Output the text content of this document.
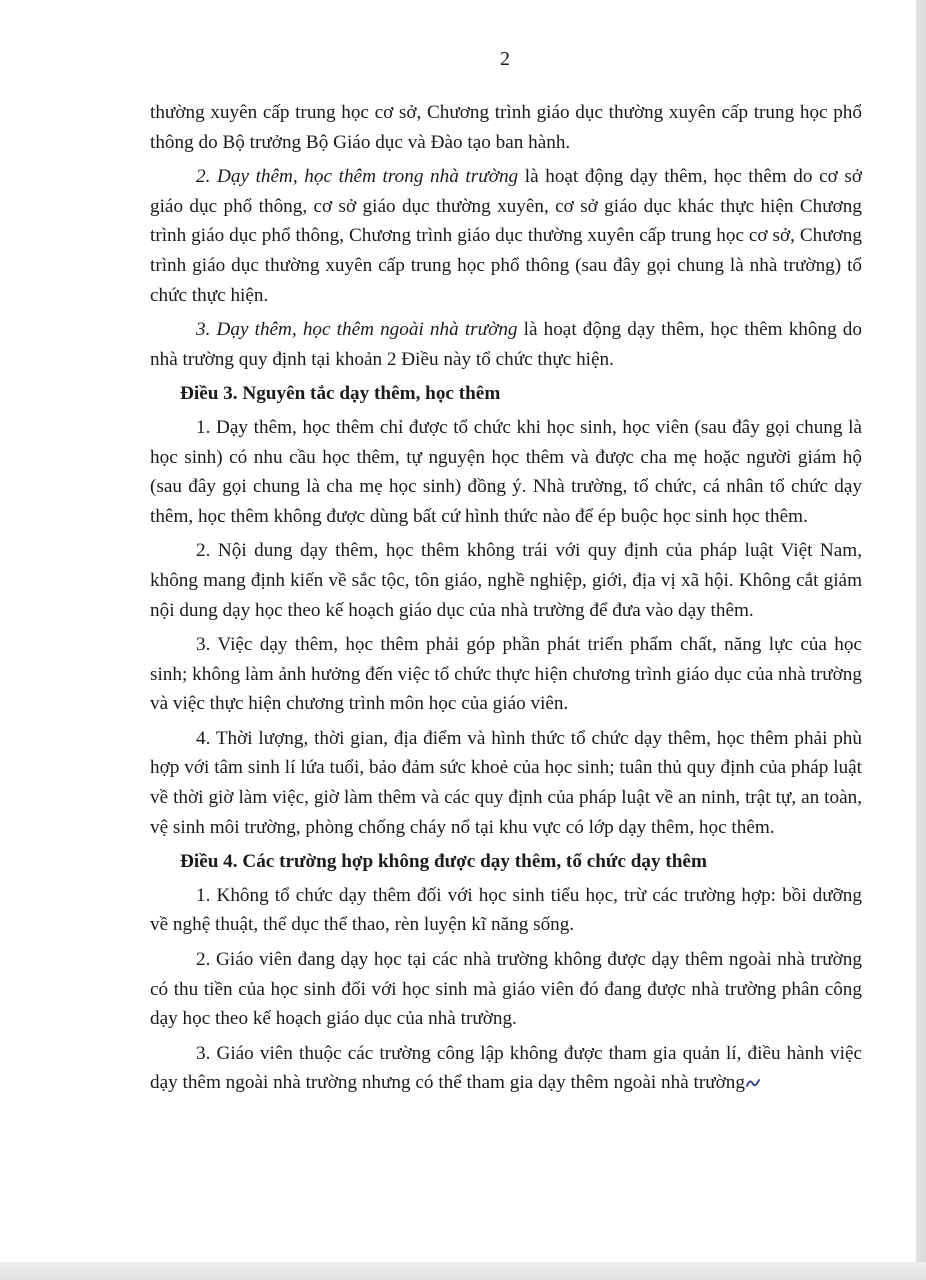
2

thường xuyên cấp trung học cơ sở, Chương trình giáo dục thường xuyên cấp trung học phổ thông do Bộ trưởng Bộ Giáo dục và Đào tạo ban hành.

2. Dạy thêm, học thêm trong nhà trường là hoạt động dạy thêm, học thêm do cơ sở giáo dục phổ thông, cơ sở giáo dục thường xuyên, cơ sở giáo dục khác thực hiện Chương trình giáo dục phổ thông, Chương trình giáo dục thường xuyên cấp trung học cơ sở, Chương trình giáo dục thường xuyên cấp trung học phổ thông (sau đây gọi chung là nhà trường) tổ chức thực hiện.

3. Dạy thêm, học thêm ngoài nhà trường là hoạt động dạy thêm, học thêm không do nhà trường quy định tại khoản 2 Điều này tổ chức thực hiện.

Điều 3. Nguyên tắc dạy thêm, học thêm

1. Dạy thêm, học thêm chỉ được tổ chức khi học sinh, học viên (sau đây gọi chung là học sinh) có nhu cầu học thêm, tự nguyện học thêm và được cha mẹ hoặc người giám hộ (sau đây gọi chung là cha mẹ học sinh) đồng ý. Nhà trường, tổ chức, cá nhân tổ chức dạy thêm, học thêm không được dùng bất cứ hình thức nào để ép buộc học sinh học thêm.

2. Nội dung dạy thêm, học thêm không trái với quy định của pháp luật Việt Nam, không mang định kiến về sắc tộc, tôn giáo, nghề nghiệp, giới, địa vị xã hội. Không cắt giảm nội dung dạy học theo kế hoạch giáo dục của nhà trường để đưa vào dạy thêm.

3. Việc dạy thêm, học thêm phải góp phần phát triển phẩm chất, năng lực của học sinh; không làm ảnh hưởng đến việc tổ chức thực hiện chương trình giáo dục của nhà trường và việc thực hiện chương trình môn học của giáo viên.

4. Thời lượng, thời gian, địa điểm và hình thức tổ chức dạy thêm, học thêm phải phù hợp với tâm sinh lí lứa tuổi, bảo đảm sức khoẻ của học sinh; tuân thủ quy định của pháp luật về thời giờ làm việc, giờ làm thêm và các quy định của pháp luật về an ninh, trật tự, an toàn, vệ sinh môi trường, phòng chống cháy nổ tại khu vực có lớp dạy thêm, học thêm.

Điều 4. Các trường hợp không được dạy thêm, tổ chức dạy thêm

1. Không tổ chức dạy thêm đối với học sinh tiểu học, trừ các trường hợp: bồi dưỡng về nghệ thuật, thể dục thể thao, rèn luyện kĩ năng sống.

2. Giáo viên đang dạy học tại các nhà trường không được dạy thêm ngoài nhà trường có thu tiền của học sinh đối với học sinh mà giáo viên đó đang được nhà trường phân công dạy học theo kế hoạch giáo dục của nhà trường.

3. Giáo viên thuộc các trường công lập không được tham gia quản lí, điều hành việc dạy thêm ngoài nhà trường nhưng có thể tham gia dạy thêm ngoài nhà trường
